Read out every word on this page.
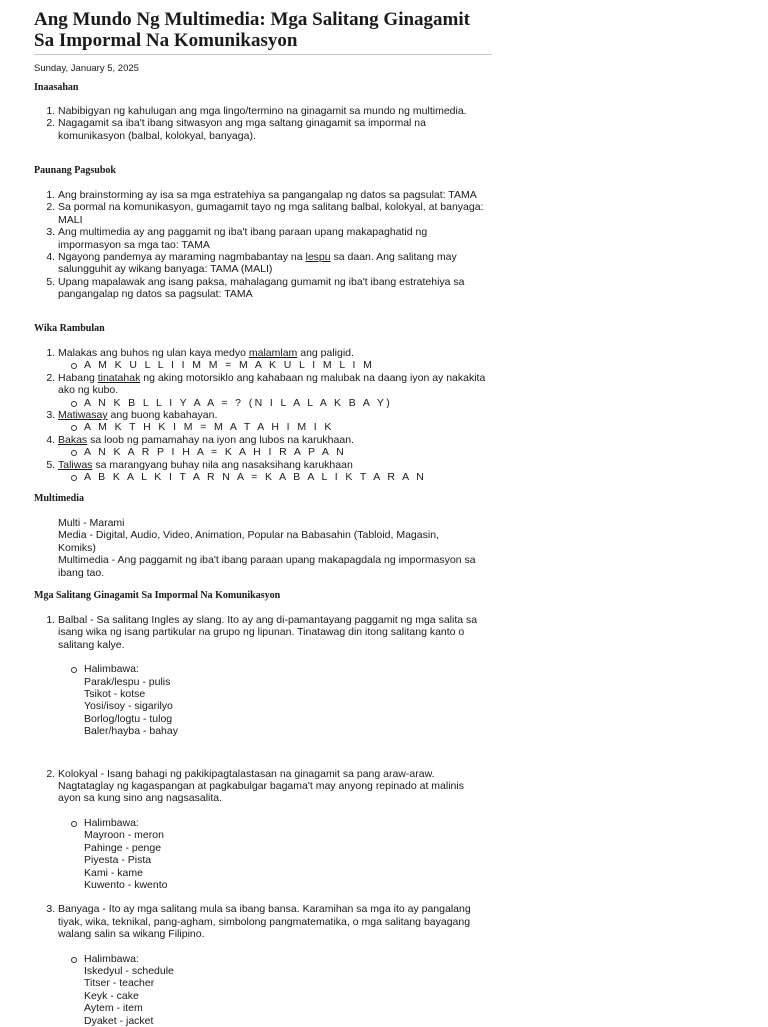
Ang Mundo Ng Multimedia: Mga Salitang Ginagamit Sa Impormal Na Komunikasyon
Sunday, January 5, 2025
Inaasahan
1. Nabibigyan ng kahulugan ang mga lingo/termino na ginagamit sa mundo ng multimedia.
2. Nagagamit sa iba't ibang sitwasyon ang mga saltang ginagamit sa impormal na komunikasyon (balbal, kolokyal, banyaga).
Paunang Pagsubok
1. Ang brainstorming ay isa sa mga estratehiya sa pangangalap ng datos sa pagsulat: TAMA
2. Sa pormal na komunikasyon, gumagamit tayo ng mga salitang balbal, kolokyal, at banyaga: MALI
3. Ang multimedia ay ang paggamit ng iba't ibang paraan upang makapaghatid ng impormasyon sa mga tao: TAMA
4. Ngayong pandemya ay maraming nagmbabantay na lespu sa daan. Ang salitang may salungguhit ay wikang banyaga: TAMA (MALI)
5. Upang mapalawak ang isang paksa, mahalagang gumamit ng iba't ibang estratehiya sa pangangalap ng datos sa pagsulat: TAMA
Wika Rambulan
1. Malakas ang buhos ng ulan kaya medyo malamlam ang paligid.
A M K U L L I I M M = M A K U L I M L I M
2. Habang tinatahak ng aking motorsiklo ang kahabaan ng malubak na daang iyon ay nakakita ako ng kubo.
A N K B L L I Y A A = ? (N I L A L A K B A Y)
3. Matiwasay ang buong kabahayan.
A M K T H K I M = M A T A H I M I K
4. Bakas sa loob ng pamamahay na iyon ang lubos na karukhaan.
A N K A R P I H A = K A H I R A P A N
5. Taliwas sa marangyang buhay nila ang nasaksihang karukhaan
A B K A L K I T A R N A = K A B A L I K T A R A N
Multimedia
Multi - Marami
Media - Digital, Audio, Video, Animation, Popular na Babasahin (Tabloid, Magasin, Komiks)
Multimedia - Ang paggamit ng iba't ibang paraan upang makapagdala ng impormasyon sa ibang tao.
Mga Salitang Ginagamit Sa Impormal Na Komunikasyon
1. Balbal - Sa salitang Ingles ay slang. Ito ay ang di-pamantayang paggamit ng mga salita sa isang wika ng isang partikular na grupo ng lipunan. Tinatawag din itong salitang kanto o salitang kalye.
Halimbawa:
Parak/lespu - pulis
Tsikot - kotse
Yosi/isoy - sigarilyo
Borlog/logtu - tulog
Baler/hayba - bahay
2. Kolokyal - Isang bahagi ng pakikipagtalastasan na ginagamit sa pang araw-araw. Nagtataglay ng kagaspangan at pagkabulgar bagama't may anyong repinado at malinis ayon sa kung sino ang nagsasalita.
Halimbawa:
Mayroon - meron
Pahinge - penge
Piyesta - Pista
Kami - kame
Kuwento - kwento
3. Banyaga - Ito ay mga salitang mula sa ibang bansa. Karamihan sa mga ito ay pangalang tiyak, wika, teknikal, pang-agham, simbolong pangmatematika, o mga salitang bayagang walang salin sa wikang Filipino.
Halimbawa:
Iskedyul - schedule
Titser - teacher
Keyk - cake
Aytem - item
Dyaket - jacket
